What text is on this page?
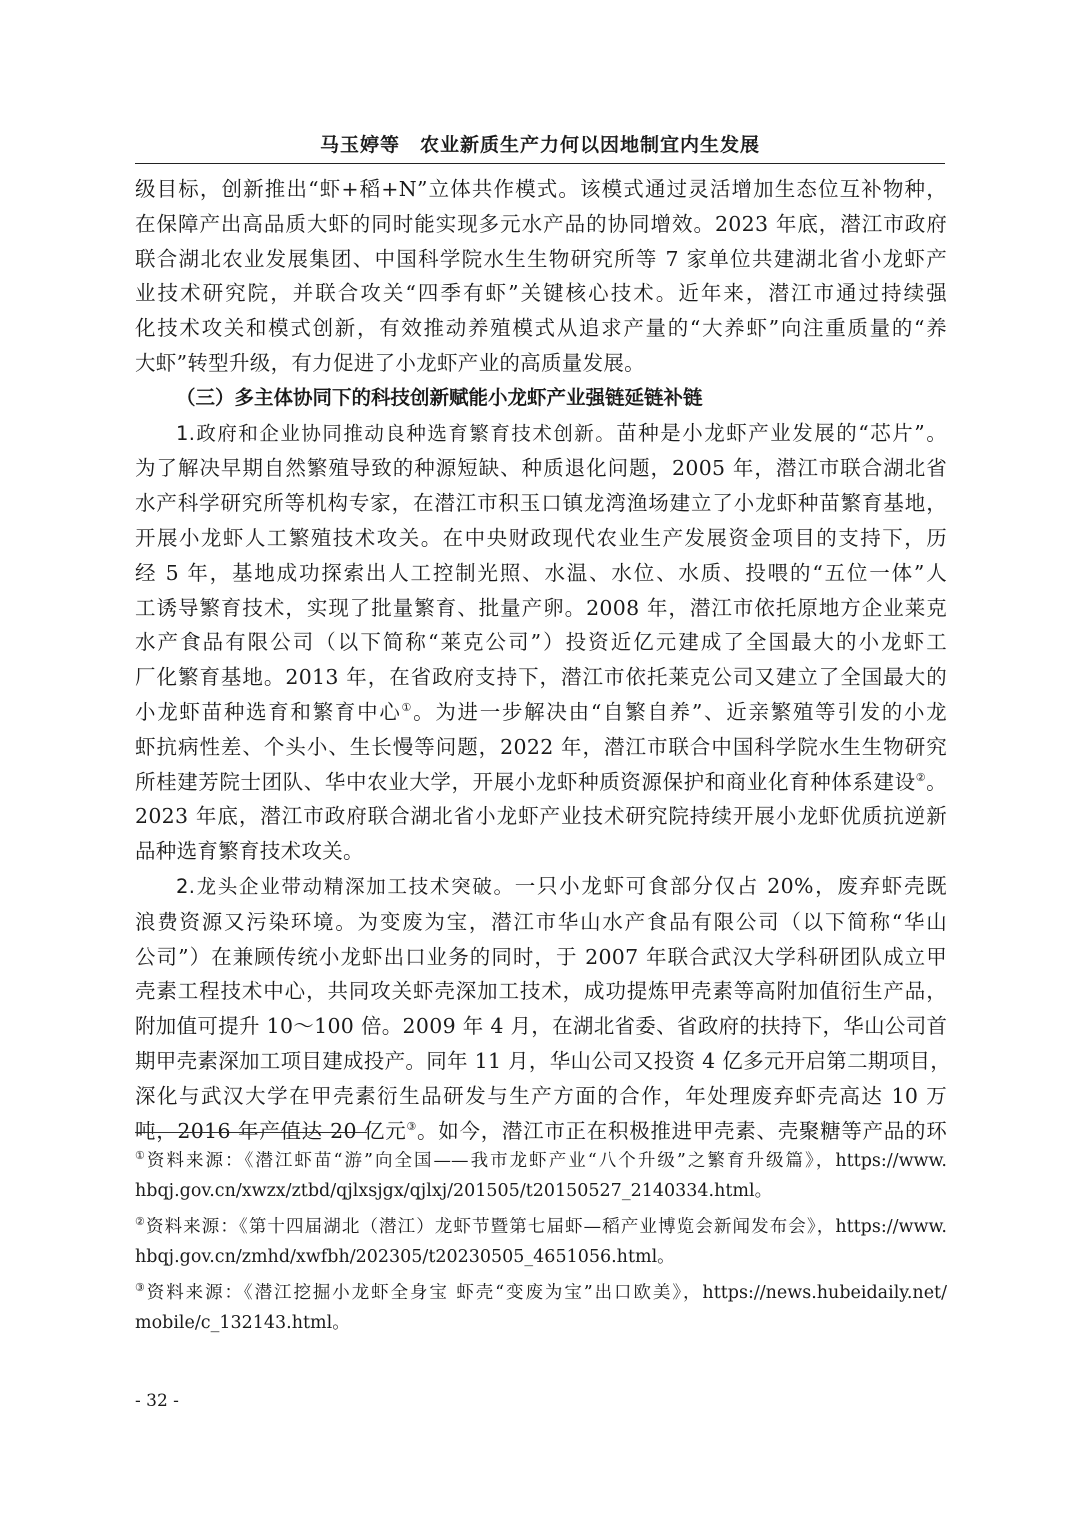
马玉婷等　农业新质生产力何以因地制宜内生发展
级目标，创新推出“虾+稻+N”立体共作模式。该模式通过灵活增加生态位互补物种，
在保障产出高品质大虾的同时能实现多元水产品的协同增效。2023 年底，潜江市政府
联合湖北农业发展集团、中国科学院水生生物研究所等 7 家单位共建湖北省小龙虾产
业技术研究院，并联合攻关“四季有虾”关键核心技术。近年来，潜江市通过持续强
化技术攻关和模式创新，有效推动养殖模式从追求产量的“大养虾”向注重质量的“养
大虾”转型升级，有力促进了小龙虾产业的高质量发展。
（三）多主体协同下的科技创新赋能小龙虾产业强链延链补链
1.政府和企业协同推动良种选育繁育技术创新。苗种是小龙虾产业发展的“芯片”。
为了解决早期自然繁殖导致的种源短缺、种质退化问题，2005 年，潜江市联合湖北省
水产科学研究所等机构专家，在潜江市积玉口镇龙湾渔场建立了小龙虾种苗繁育基地，
开展小龙虾人工繁殖技术攻关。在中央财政现代农业生产发展资金项目的支持下，历
经 5 年，基地成功探索出人工控制光照、水温、水位、水质、投喂的“五位一体”人
工诱导繁育技术，实现了批量繁育、批量产卵。2008 年，潜江市依托原地方企业莱克
水产食品有限公司（以下简称“莱克公司”）投资近亿元建成了全国最大的小龙虾工
厂化繁育基地。2013 年，在省政府支持下，潜江市依托莱克公司又建立了全国最大的
小龙虾苗种选育和繁育中心①。为进一步解决由“自繁自养”、近亲繁殖等引发的小龙
虾抗病性差、个头小、生长慢等问题，2022 年，潜江市联合中国科学院水生生物研究
所桂建芳院士团队、华中农业大学，开展小龙虾种质资源保护和商业化育种体系建设②。
2023 年底，潜江市政府联合湖北省小龙虾产业技术研究院持续开展小龙虾优质抗逆新
品种选育繁育技术攻关。
2.龙头企业带动精深加工技术突破。一只小龙虾可食部分仅占 20%，废弃虾壳既
浪费资源又污染环境。为变废为宝，潜江市华山水产食品有限公司（以下简称“华山
公司”）在兼顾传统小龙虾出口业务的同时，于 2007 年联合武汉大学科研团队成立甲
壳素工程技术中心，共同攻关虾壳深加工技术，成功提炼甲壳素等高附加值衍生产品，
附加值可提升 10～100 倍。2009 年 4 月，在湖北省委、省政府的扶持下，华山公司首
期甲壳素深加工项目建成投产。同年 11 月，华山公司又投资 4 亿多元开启第二期项目，
深化与武汉大学在甲壳素衍生品研发与生产方面的合作，年处理废弃虾壳高达 10 万
吨，2016 年产值达 20 亿元③。如今，潜江市正在积极推进甲壳素、壳聚糖等产品的环
①资料来源：《潜江虾苗“游”向全国——我市龙虾产业“八个升级”之繁育升级篇》，https://www.
hbqj.gov.cn/xwzx/ztbd/qjlxsjgx/qjlxj/201505/t20150527_2140334.html。
②资料来源：《第十四届湖北（潜江）龙虾节暨第七届虾—稻产业博览会新闻发布会》，https://www.
hbqj.gov.cn/zmhd/xwfbh/202305/t20230505_4651056.html。
③资料来源：《潜江挖掘小龙虾全身宝 虾壳“变废为宝”出口欧美》，https://news.hubeidaily.net/
mobile/c_132143.html。
- 32 -
